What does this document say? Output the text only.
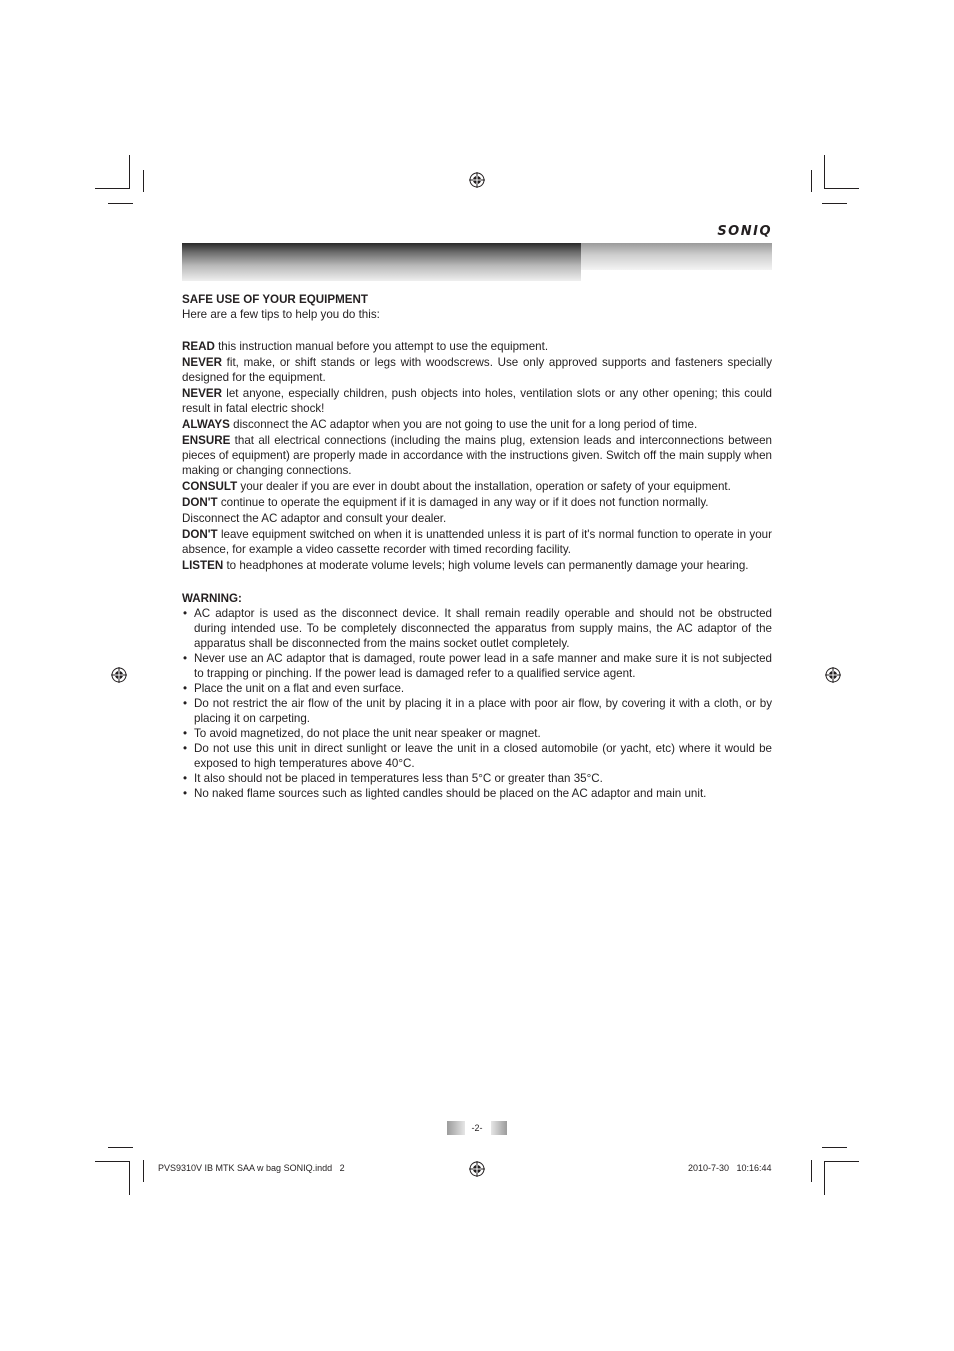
SONIQ

SAFE USE OF YOUR EQUIPMENT

Here are a few tips to help you do this:

READ this instruction manual before you attempt to use the equipment.

NEVER fit, make, or shift stands or legs with woodscrews. Use only approved supports and fasteners specially designed for the equipment.

NEVER let anyone, especially children, push objects into holes, ventilation slots or any other opening; this could result in fatal electric shock!

ALWAYS disconnect the AC adaptor when you are not going to use the unit for a long period of time.

ENSURE that all electrical connections (including the mains plug, extension leads and interconnections between pieces of equipment) are properly made in accordance with the instructions given. Switch off the main supply when making or changing connections.

CONSULT your dealer if you are ever in doubt about the installation, operation or safety of your equipment.

DON'T continue to operate the equipment if it is damaged in any way or if it does not function normally.

Disconnect the AC adaptor and consult your dealer.

DON'T leave equipment switched on when it is unattended unless it is part of it's normal function to operate in your absence, for example a video cassette recorder with timed recording facility.

LISTEN to headphones at moderate volume levels; high volume levels can permanently damage your hearing.

WARNING:

• AC adaptor is used as the disconnect device. It shall remain readily operable and should not be obstructed during intended use. To be completely disconnected the apparatus from supply mains, the AC adaptor of the apparatus shall be disconnected from the mains socket outlet completely.
• Never use an AC adaptor that is damaged, route power lead in a safe manner and make sure it is not subjected to trapping or pinching. If the power lead is damaged refer to a qualified service agent.
• Place the unit on a flat and even surface.
• Do not restrict the air flow of the unit by placing it in a place with poor air flow, by covering it with a cloth, or by placing it on carpeting.
• To avoid magnetized, do not place the unit near speaker or magnet.
• Do not use this unit in direct sunlight or leave the unit in a closed automobile (or yacht, etc) where it would be exposed to high temperatures above 40°C.
• It also should not be placed in temperatures less than 5°C or greater than 35°C.
• No naked flame sources such as lighted candles should be placed on the AC adaptor and main unit.
-2-
PVS9310V IB MTK SAA w bag SONIQ.indd   2	2010-7-30   10:16:44
